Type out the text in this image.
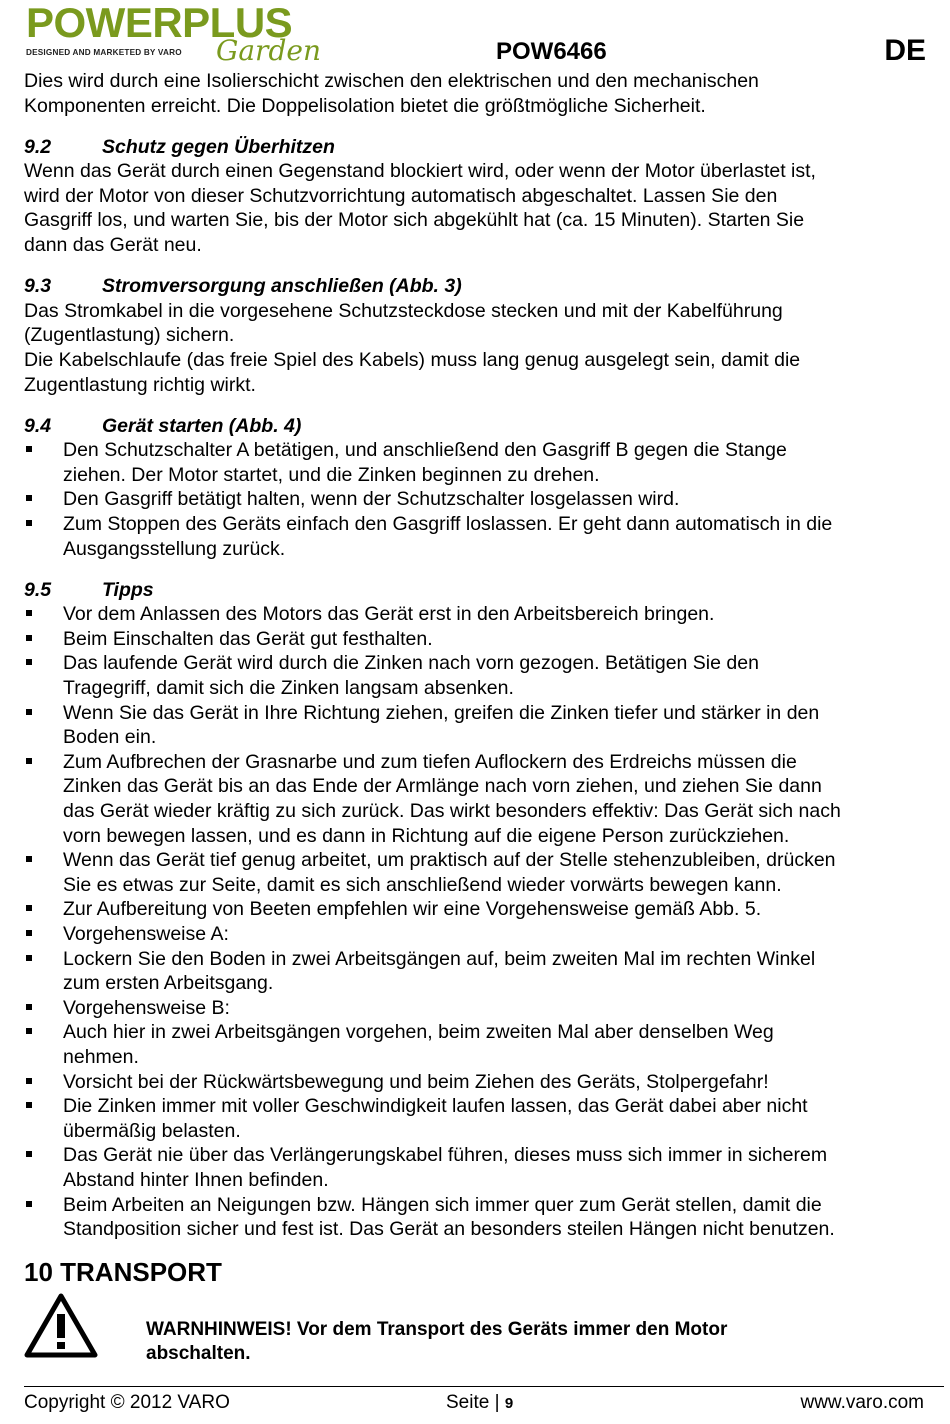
POWERPLUS
DESIGNED AND MARKETED BY VARO Garden	POW6466	DE

Dies wird durch eine Isolierschicht zwischen den elektrischen und den mechanischen

Komponenten erreicht. Die Doppelisolation bietet die größtmögliche Sicherheit.

9.2	Schutz gegen Überhitzen

Wenn das Gerät durch einen Gegenstand blockiert wird, oder wenn der Motor überlastet ist,

wird der Motor von dieser Schutzvorrichtung automatisch abgeschaltet. Lassen Sie den

Gasgriff los, und warten Sie, bis der Motor sich abgekühlt hat (ca. 15 Minuten). Starten Sie

dann das Gerät neu.

9.3	Stromversorgung anschließen (Abb. 3)

Das Stromkabel in die vorgesehene Schutzsteckdose stecken und mit der Kabelführung

(Zugentlastung) sichern.

Die Kabelschlaufe (das freie Spiel des Kabels) muss lang genug ausgelegt sein, damit die

Zugentlastung richtig wirkt.

9.4	Gerät starten (Abb. 4)
Den Schutzschalter A betätigen, und anschließend den Gasgriff B gegen die Stange
ziehen. Der Motor startet, und die Zinken beginnen zu drehen.
Den Gasgriff betätigt halten, wenn der Schutzschalter losgelassen wird.
Zum Stoppen des Geräts einfach den Gasgriff loslassen. Er geht dann automatisch in die
Ausgangsstellung zurück.
9.5	Tipps
Vor dem Anlassen des Motors das Gerät erst in den Arbeitsbereich bringen.
Beim Einschalten das Gerät gut festhalten.
Das laufende Gerät wird durch die Zinken nach vorn gezogen. Betätigen Sie den
Tragegriff, damit sich die Zinken langsam absenken.
Wenn Sie das Gerät in Ihre Richtung ziehen, greifen die Zinken tiefer und stärker in den
Boden ein.
Zum Aufbrechen der Grasnarbe und zum tiefen Auflockern des Erdreichs müssen die
Zinken das Gerät bis an das Ende der Armlänge nach vorn ziehen, und ziehen Sie dann
das Gerät wieder kräftig zu sich zurück. Das wirkt besonders effektiv: Das Gerät sich nach
vorn bewegen lassen, und es dann in Richtung auf die eigene Person zurückziehen.
Wenn das Gerät tief genug arbeitet, um praktisch auf der Stelle stehenzubleiben, drücken
Sie es etwas zur Seite, damit es sich anschließend wieder vorwärts bewegen kann.
Zur Aufbereitung von Beeten empfehlen wir eine Vorgehensweise gemäß Abb. 5.
Vorgehensweise A:
Lockern Sie den Boden in zwei Arbeitsgängen auf, beim zweiten Mal im rechten Winkel
zum ersten Arbeitsgang.
Vorgehensweise B:
Auch hier in zwei Arbeitsgängen vorgehen, beim zweiten Mal aber denselben Weg
nehmen.
Vorsicht bei der Rückwärtsbewegung und beim Ziehen des Geräts, Stolpergefahr!
Die Zinken immer mit voller Geschwindigkeit laufen lassen, das Gerät dabei aber nicht
übermäßig belasten.
Das Gerät nie über das Verlängerungskabel führen, dieses muss sich immer in sicherem
Abstand hinter Ihnen befinden.
Beim Arbeiten an Neigungen bzw. Hängen sich immer quer zum Gerät stellen, damit die
Standposition sicher und fest ist. Das Gerät an besonders steilen Hängen nicht benutzen.
10 TRANSPORT
WARNHINWEIS! Vor dem Transport des Geräts immer den Motor
abschalten.
Copyright © 2012 VARO	Seite | 9	www.varo.com
